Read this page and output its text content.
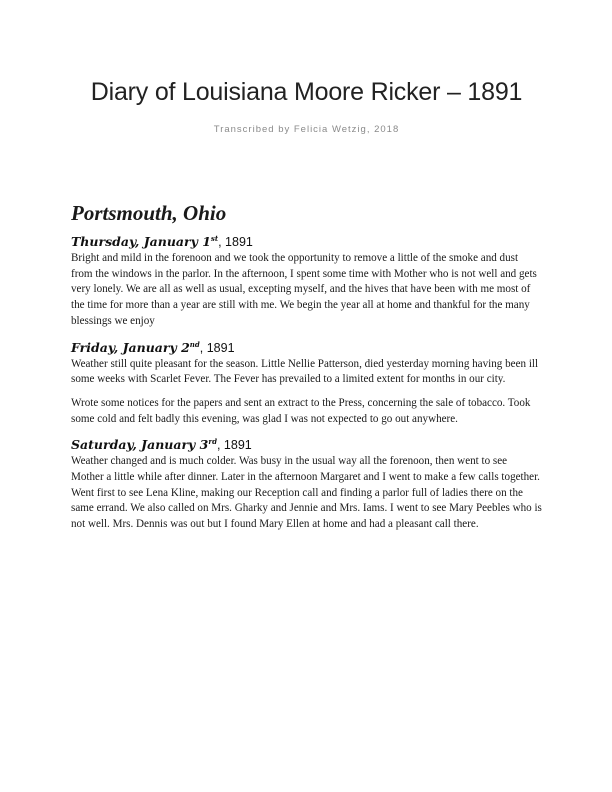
Diary of Louisiana Moore Ricker – 1891
Transcribed by Felicia Wetzig, 2018
Portsmouth, Ohio
Thursday, January 1st, 1891

Bright and mild in the forenoon and we took the opportunity to remove a little of the smoke and dust from the windows in the parlor. In the afternoon, I spent some time with Mother who is not well and gets very lonely. We are all as well as usual, excepting myself, and the hives that have been with me most of the time for more than a year are still with me. We begin the year all at home and thankful for the many blessings we enjoy

Friday, January 2nd, 1891

Weather still quite pleasant for the season. Little Nellie Patterson, died yesterday morning having been ill some weeks with Scarlet Fever. The Fever has prevailed to a limited extent for months in our city.

Wrote some notices for the papers and sent an extract to the Press, concerning the sale of tobacco. Took some cold and felt badly this evening, was glad I was not expected to go out anywhere.

Saturday, January 3rd, 1891

Weather changed and is much colder. Was busy in the usual way all the forenoon, then went to see Mother a little while after dinner. Later in the afternoon Margaret and I went to make a few calls together. Went first to see Lena Kline, making our Reception call and finding a parlor full of ladies there on the same errand. We also called on Mrs. Gharky and Jennie and Mrs. Iams. I went to see Mary Peebles who is not well. Mrs. Dennis was out but I found Mary Ellen at home and had a pleasant call there.
